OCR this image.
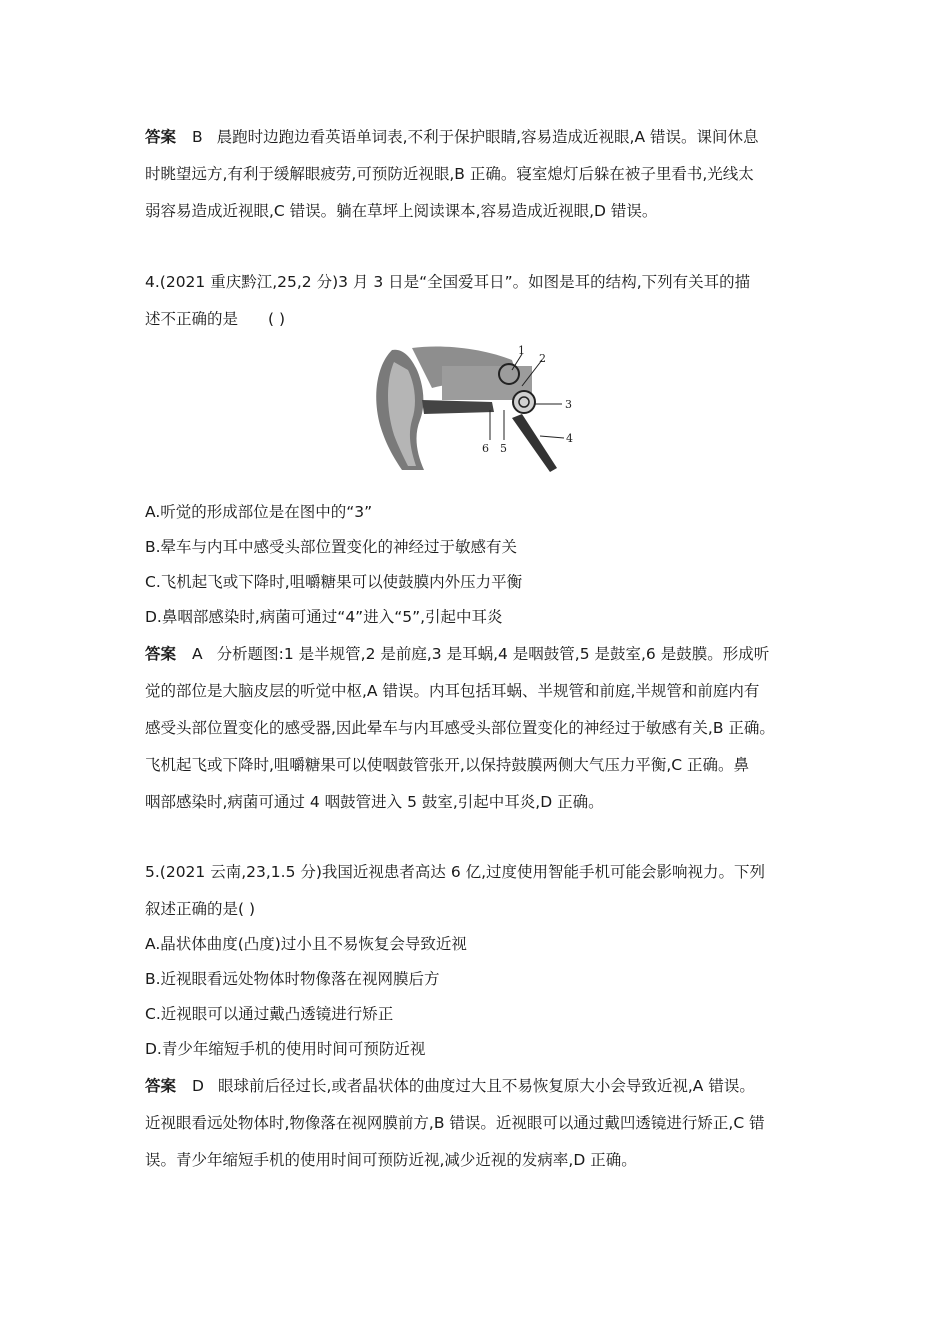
答案 B 晨跑时边跑边看英语单词表,不利于保护眼睛,容易造成近视眼,A 错误。课间休息
时眺望远方,有利于缓解眼疲劳,可预防近视眼,B 正确。寝室熄灯后躲在被子里看书,光线太
弱容易造成近视眼,C 错误。躺在草坪上阅读课本,容易造成近视眼,D 错误。
4.(2021 重庆黔江,25,2 分)3 月 3 日是“全国爱耳日”。如图是耳的结构,下列有关耳的描
述不正确的是 ( )
1
2
3
4
5
6
A.听觉的形成部位是在图中的“3”
B.晕车与内耳中感受头部位置变化的神经过于敏感有关
C.飞机起飞或下降时,咀嚼糖果可以使鼓膜内外压力平衡
D.鼻咽部感染时,病菌可通过“4”进入“5”,引起中耳炎
答案 A 分析题图:1 是半规管,2 是前庭,3 是耳蜗,4 是咽鼓管,5 是鼓室,6 是鼓膜。形成听
觉的部位是大脑皮层的听觉中枢,A 错误。内耳包括耳蜗、半规管和前庭,半规管和前庭内有
感受头部位置变化的感受器,因此晕车与内耳感受头部位置变化的神经过于敏感有关,B 正确。
飞机起飞或下降时,咀嚼糖果可以使咽鼓管张开,以保持鼓膜两侧大气压力平衡,C 正确。鼻
咽部感染时,病菌可通过 4 咽鼓管进入 5 鼓室,引起中耳炎,D 正确。
5.(2021 云南,23,1.5 分)我国近视患者高达 6 亿,过度使用智能手机可能会影响视力。下列
叙述正确的是( )
A.晶状体曲度(凸度)过小且不易恢复会导致近视
B.近视眼看远处物体时物像落在视网膜后方
C.近视眼可以通过戴凸透镜进行矫正
D.青少年缩短手机的使用时间可预防近视
答案 D 眼球前后径过长,或者晶状体的曲度过大且不易恢复原大小会导致近视,A 错误。
近视眼看远处物体时,物像落在视网膜前方,B 错误。近视眼可以通过戴凹透镜进行矫正,C 错
误。青少年缩短手机的使用时间可预防近视,减少近视的发病率,D 正确。
